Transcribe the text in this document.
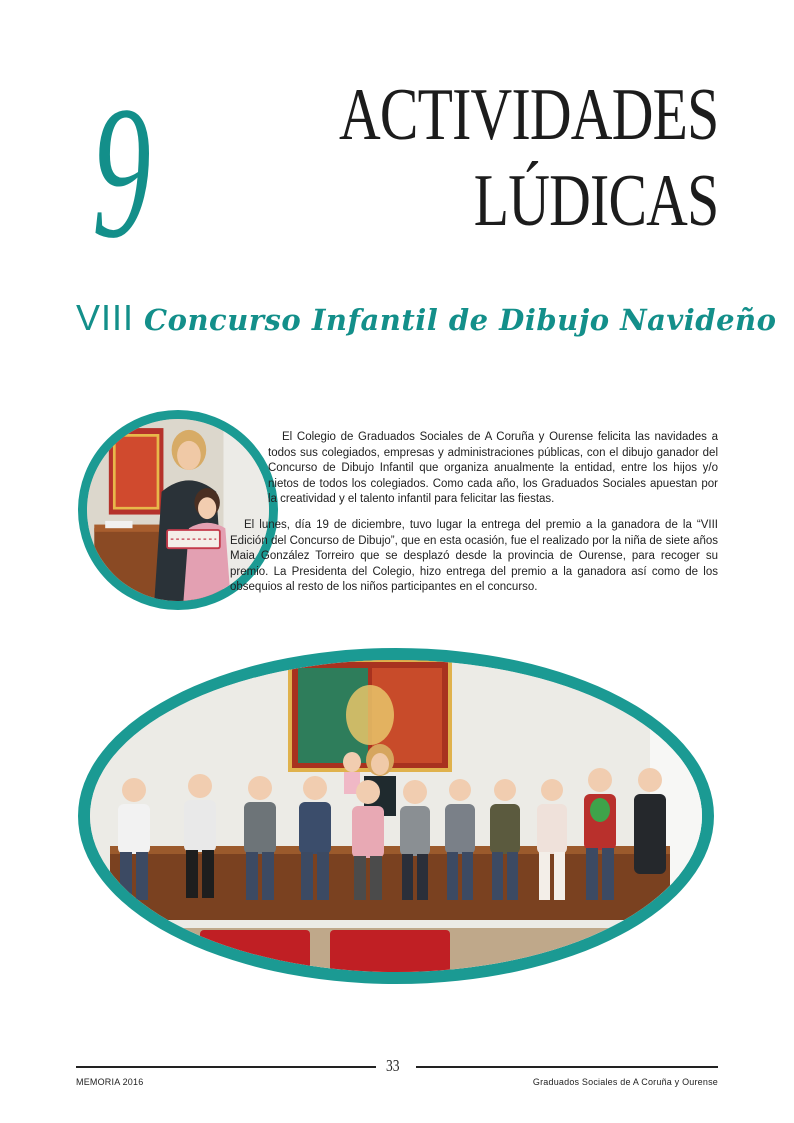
9	ACTIVIDADES
LÚDICAS
VIII Concurso Infantil de Dibujo Navideño

El Colegio de Graduados Sociales de A Coruña y Ourense felicita las navidades a todos sus colegiados, empresas y administraciones públicas, con el dibujo ganador del Concurso de Dibujo Infantil que organiza anualmente la entidad, entre los hijos y/o nietos de todos los colegiados. Como cada año, los Graduados Sociales apuestan por la creatividad y el talento infantil para felicitar las fiestas.

El lunes, día 19 de diciembre, tuvo lugar la entrega del premio a la ganadora de la “VIII Edición del Concurso de Dibujo”, que en esta ocasión, fue el realizado por la niña de siete años Maia González Torreiro que se desplazó desde la provincia de Ourense, para recoger su premio. La Presidenta del Colegio, hizo entrega del premio a la ganadora así como de los obsequios al resto de los niños participantes en el concurso.

33
MEMORIA 2016	Graduados Sociales de A Coruña y Ourense
